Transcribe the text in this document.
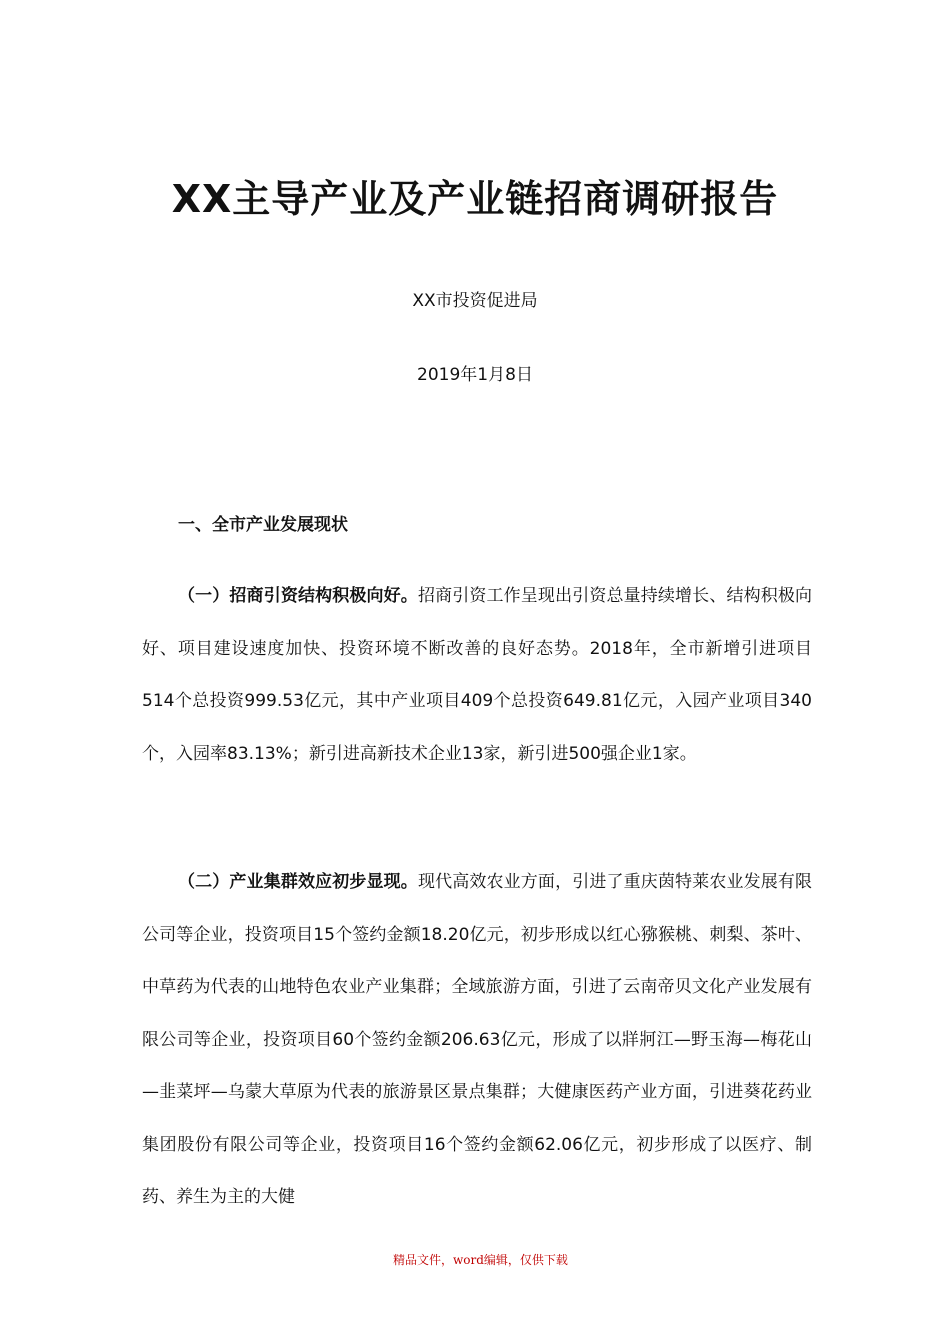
XX主导产业及产业链招商调研报告
XX市投资促进局
2019年1月8日
一、全市产业发展现状

（一）招商引资结构积极向好。招商引资工作呈现出引资总量持续增长、结构积极向好、项目建设速度加快、投资环境不断改善的良好态势。2018年，全市新增引进项目514个总投资999.53亿元，其中产业项目409个总投资649.81亿元，入园产业项目340个，入园率83.13%；新引进高新技术企业13家，新引进500强企业1家。

（二）产业集群效应初步显现。现代高效农业方面，引进了重庆茵特莱农业发展有限公司等企业，投资项目15个签约金额18.20亿元，初步形成以红心猕猴桃、刺梨、茶叶、中草药为代表的山地特色农业产业集群；全域旅游方面，引进了云南帝贝文化产业发展有限公司等企业，投资项目60个签约金额206.63亿元，形成了以牂牁江—野玉海—梅花山—韭菜坪—乌蒙大草原为代表的旅游景区景点集群；大健康医药产业方面，引进葵花药业集团股份有限公司等企业，投资项目16个签约金额62.06亿元，初步形成了以医疗、制药、养生为主的大健

精品文件，word编辑，仅供下载
